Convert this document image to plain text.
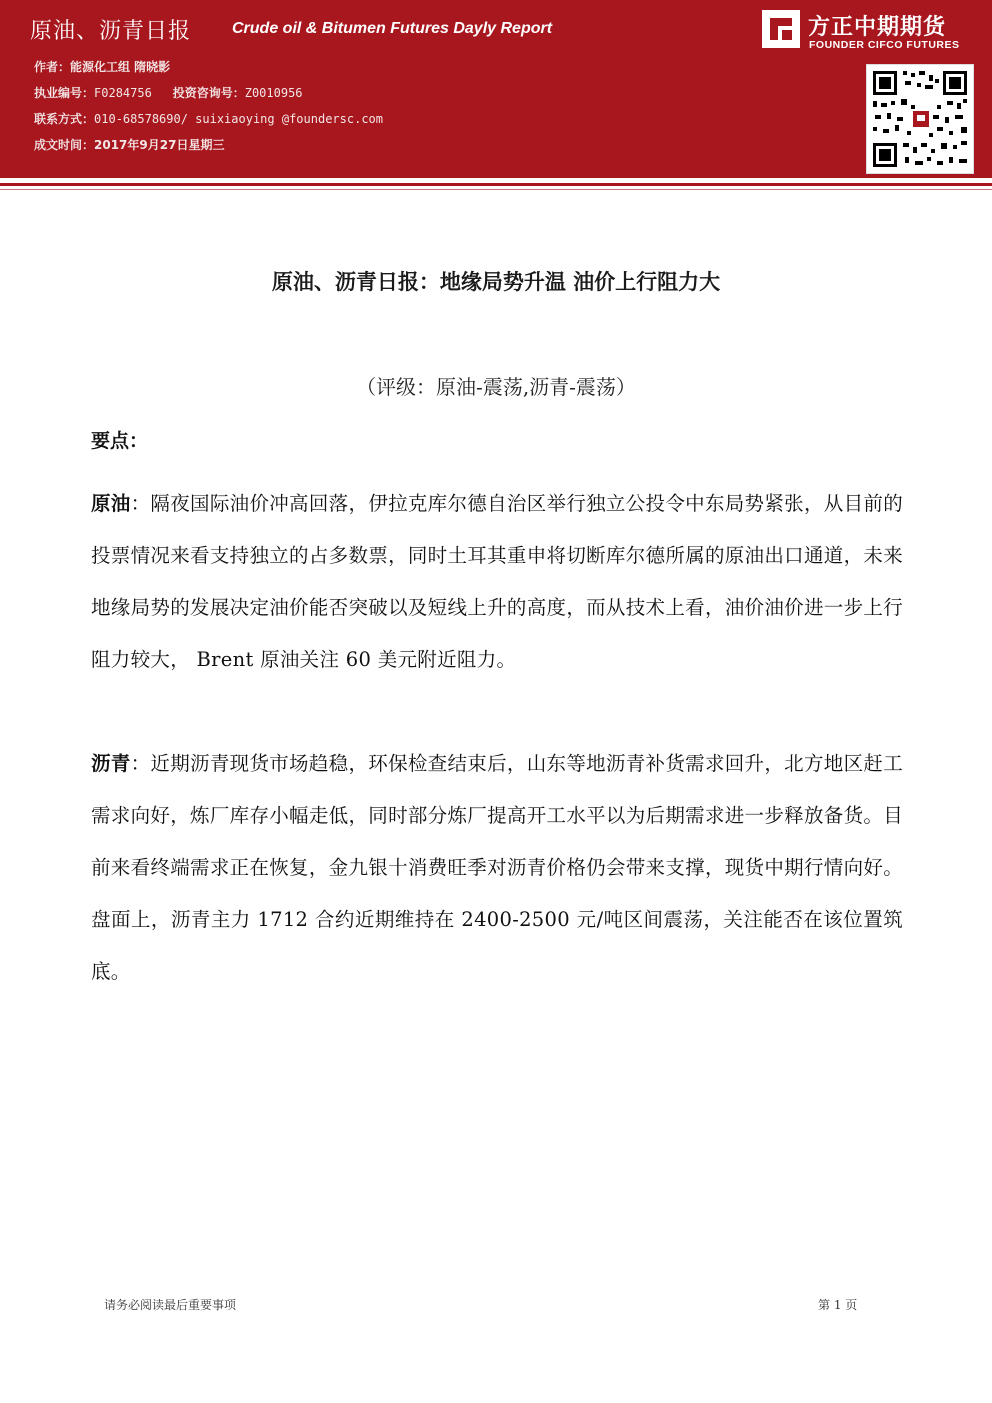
原油、沥青日报	Crude oil & Bitumen Futures Dayly Report
作者：能源化工组 隋晓影
执业编号：F0284756 投资咨询号：Z0010956
联系方式：010-68578690/ suixiaoying @foundersc.com
成文时间：2017年9月27日星期三
方正中期期货
FOUNDER CIFCO FUTURES
原油、沥青日报：地缘局势升温 油价上行阻力大
（评级：原油-震荡,沥青-震荡）
要点：
原油：隔夜国际油价冲高回落，伊拉克库尔德自治区举行独立公投令中东局势紧张，从目前的投票情况来看支持独立的占多数票，同时土耳其重申将切断库尔德所属的原油出口通道，未来地缘局势的发展决定油价能否突破以及短线上升的高度，而从技术上看，油价油价进一步上行阻力较大， Brent 原油关注 60 美元附近阻力。
沥青：近期沥青现货市场趋稳，环保检查结束后，山东等地沥青补货需求回升，北方地区赶工需求向好，炼厂库存小幅走低，同时部分炼厂提高开工水平以为后期需求进一步释放备货。目前来看终端需求正在恢复，金九银十消费旺季对沥青价格仍会带来支撑，现货中期行情向好。盘面上，沥青主力 1712 合约近期维持在 2400-2500 元/吨区间震荡，关注能否在该位置筑底。
请务必阅读最后重要事项	第 1 页
